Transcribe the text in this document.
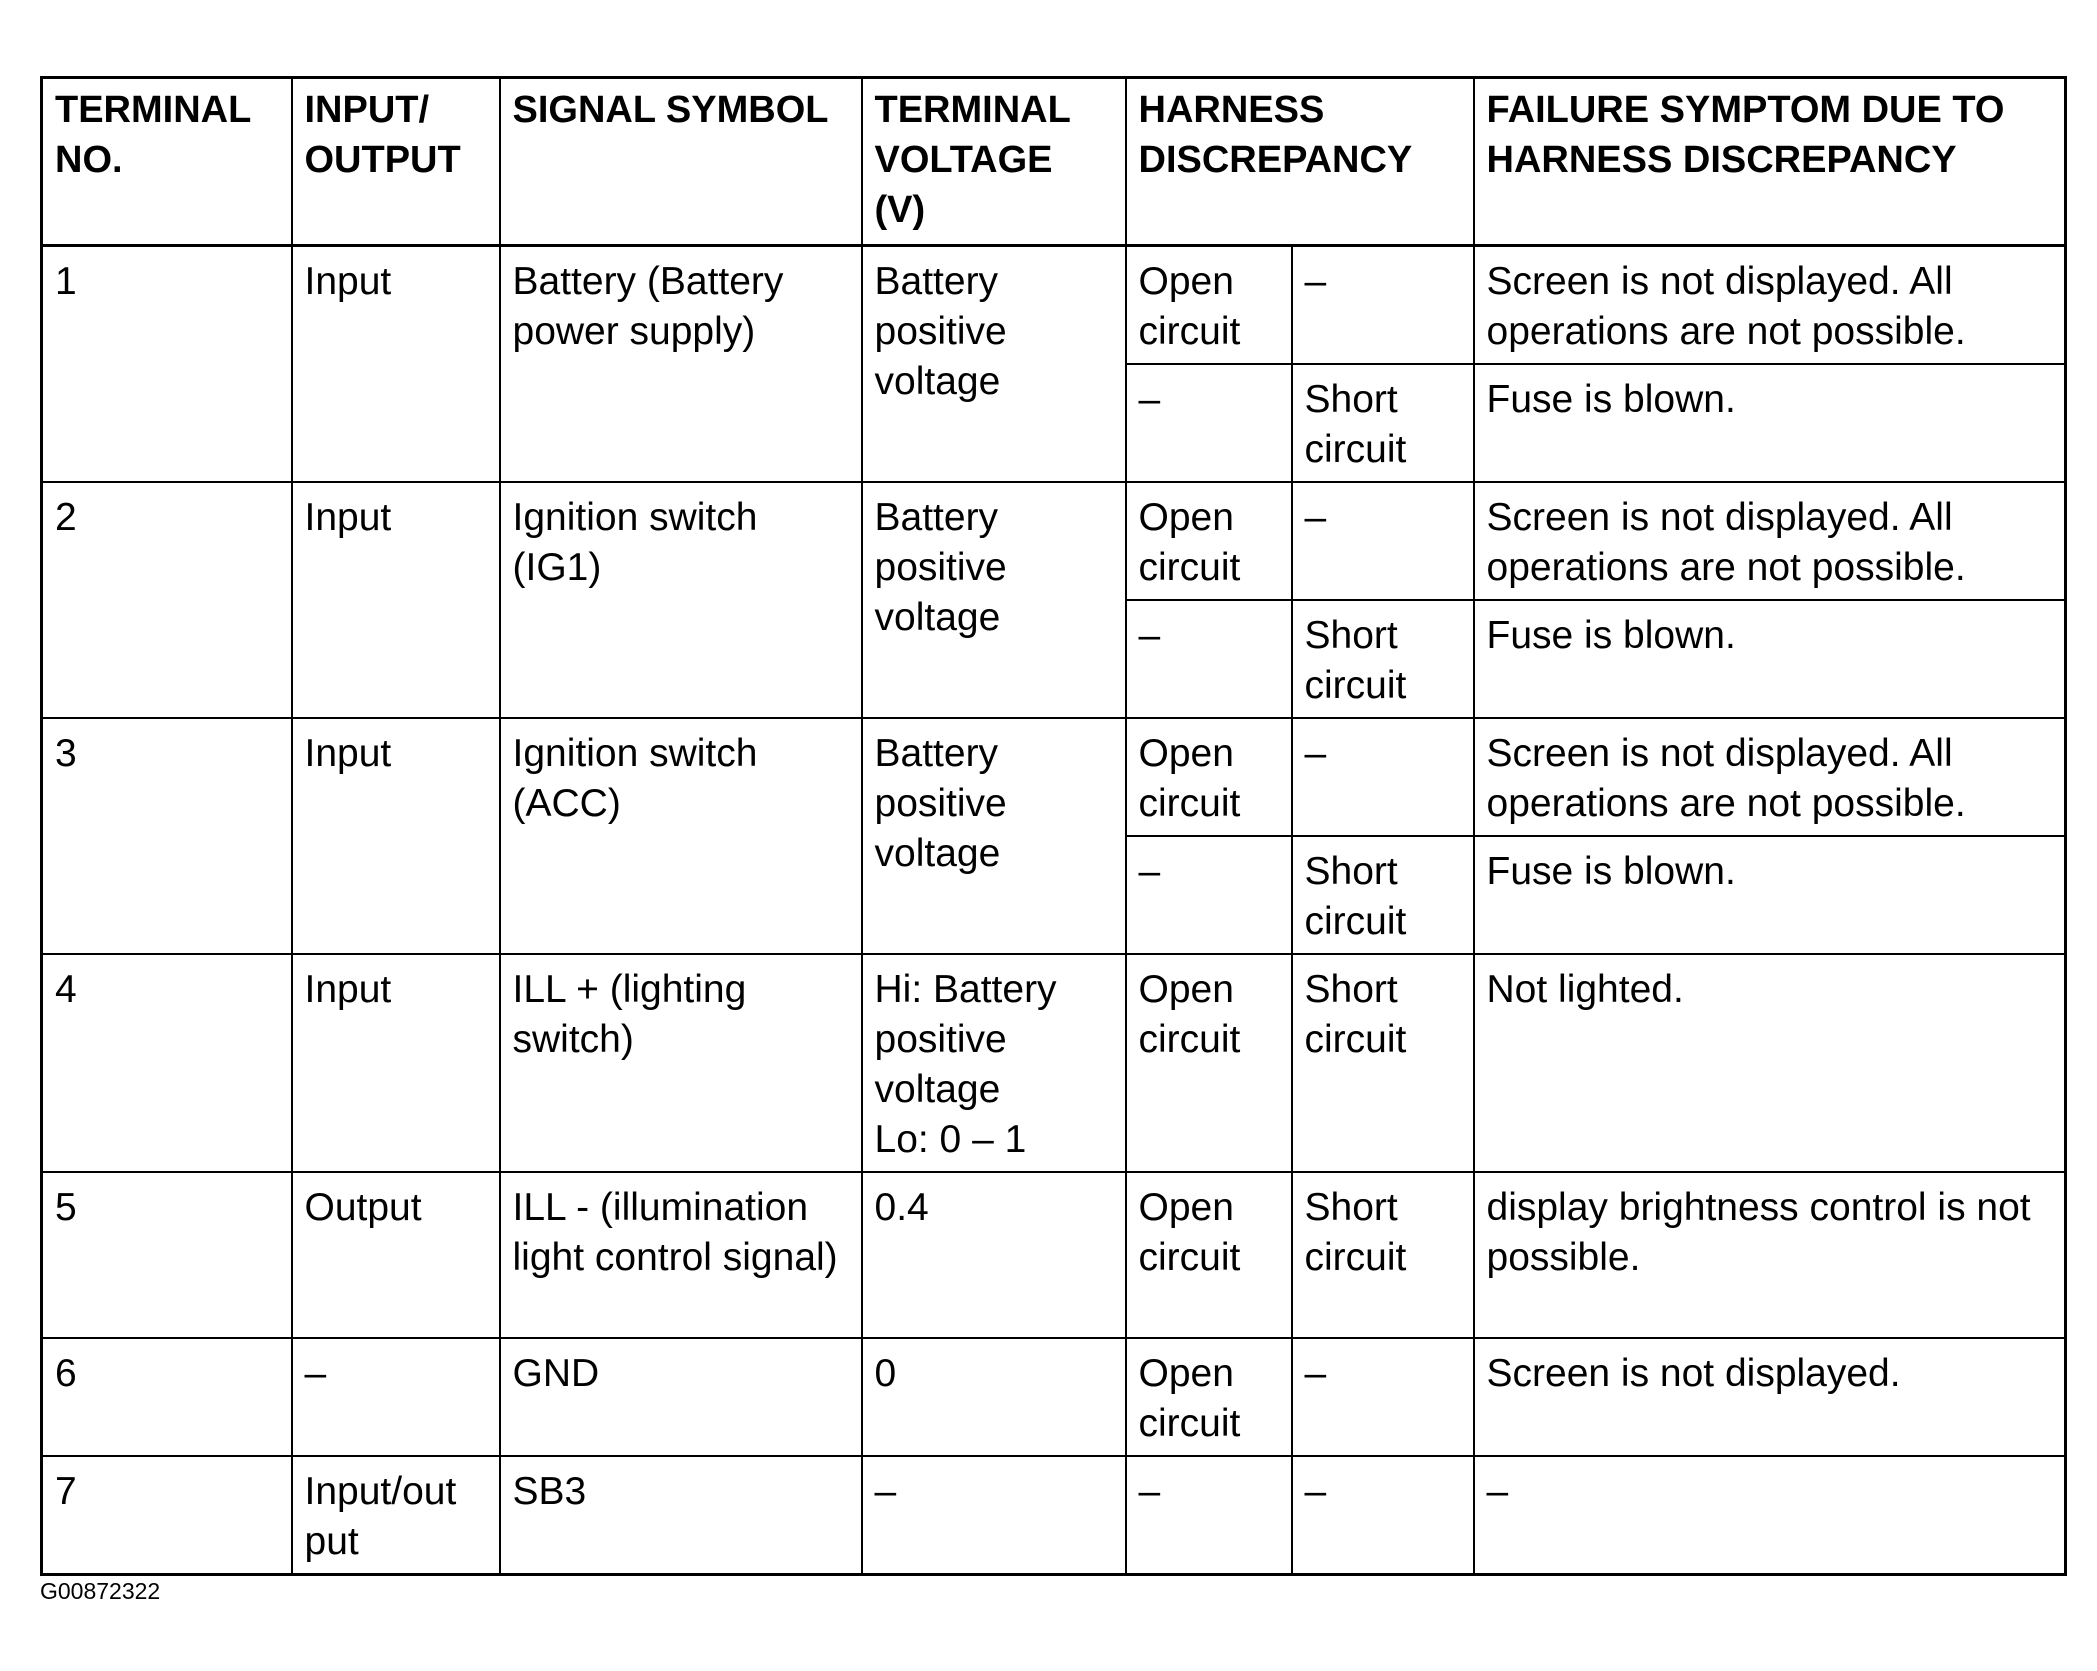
TERMINAL NO.	INPUT/ OUTPUT	SIGNAL SYMBOL	TERMINAL VOLTAGE (V)	HARNESS DISCREPANCY		FAILURE SYMPTOM DUE TO HARNESS DISCREPANCY
1	Input	Battery (Battery power supply)	Battery positive voltage	Open circuit	–	Screen is not displayed. All operations are not possible.
				–	Short circuit	Fuse is blown.
2	Input	Ignition switch (IG1)	Battery positive voltage	Open circuit	–	Screen is not displayed. All operations are not possible.
				–	Short circuit	Fuse is blown.
3	Input	Ignition switch (ACC)	Battery positive voltage	Open circuit	–	Screen is not displayed. All operations are not possible.
				–	Short circuit	Fuse is blown.
4	Input	ILL + (lighting switch)	Hi: Battery positive voltage
Lo: 0 – 1	Open circuit	Short circuit	Not lighted.
5	Output	ILL - (illumination light control signal)	0.4	Open circuit	Short circuit	display brightness control is not possible.
6	–	GND	0	Open circuit	–	Screen is not displayed.
7	Input/out put	SB3	–	–	–	–
G00872322
